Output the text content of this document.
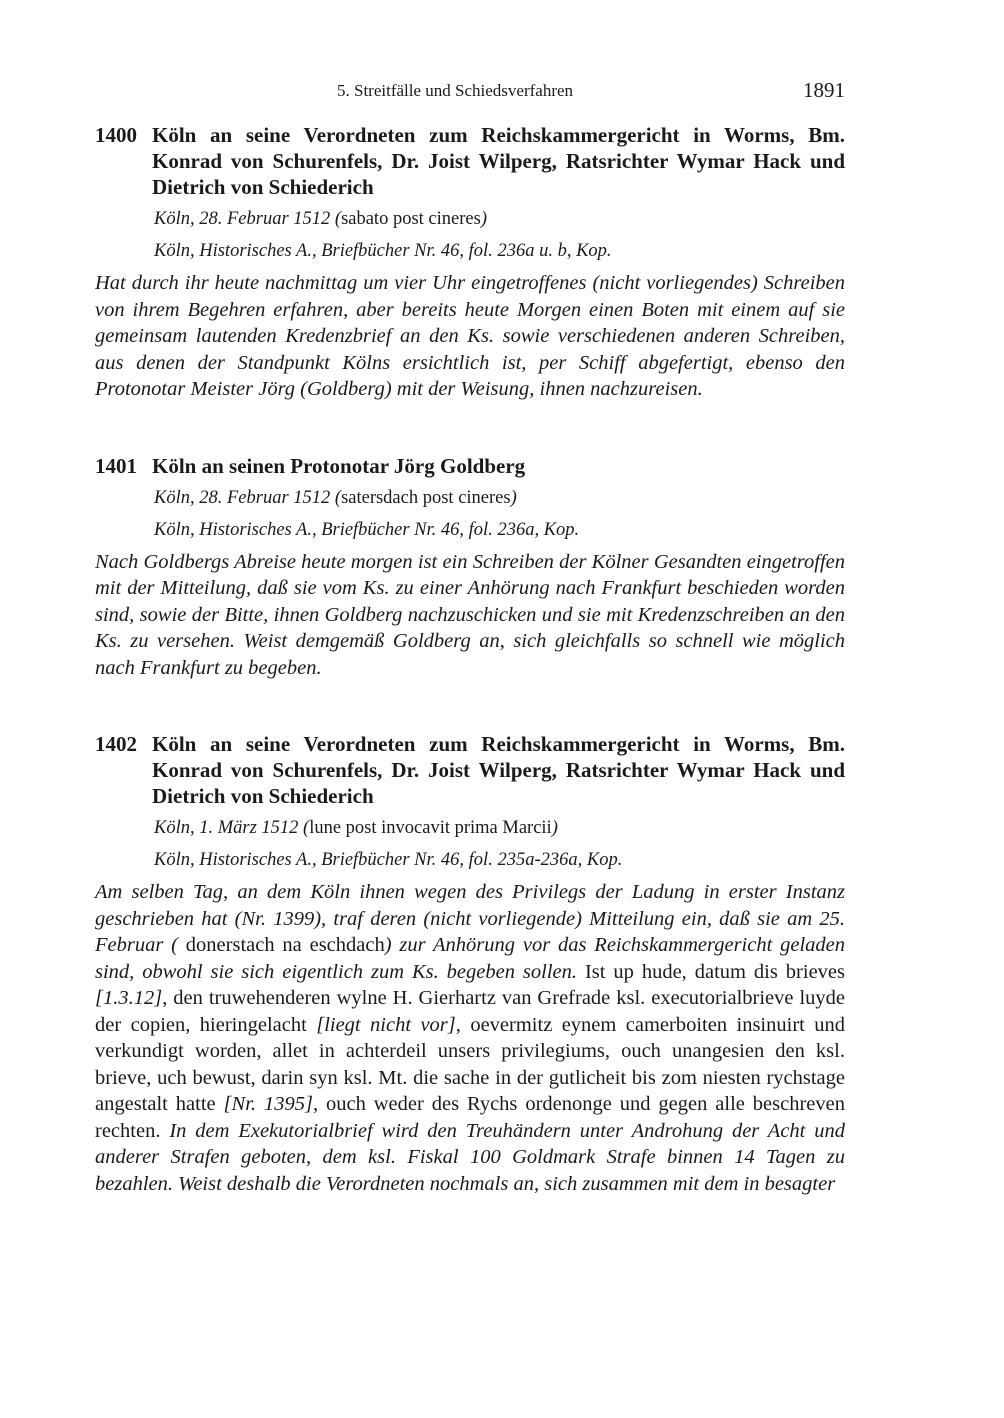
5. Streitfälle und Schiedsverfahren	1891
1400 Köln an seine Verordneten zum Reichskammergericht in Worms, Bm. Konrad von Schurenfels, Dr. Joist Wilperg, Ratsrichter Wymar Hack und Dietrich von Schiederich
Köln, 28. Februar 1512 (sabato post cineres)
Köln, Historisches A., Briefbücher Nr. 46, fol. 236a u. b, Kop.
Hat durch ihr heute nachmittag um vier Uhr eingetroffenes (nicht vorliegendes) Schreiben von ihrem Begehren erfahren, aber bereits heute Morgen einen Boten mit einem auf sie gemeinsam lautenden Kredenzbrief an den Ks. sowie verschiedenen anderen Schreiben, aus denen der Standpunkt Kölns ersichtlich ist, per Schiff abgefertigt, ebenso den Protonotar Meister Jörg (Goldberg) mit der Weisung, ihnen nachzureisen.
1401 Köln an seinen Protonotar Jörg Goldberg
Köln, 28. Februar 1512 (satersdach post cineres)
Köln, Historisches A., Briefbücher Nr. 46, fol. 236a, Kop.
Nach Goldbergs Abreise heute morgen ist ein Schreiben der Kölner Gesandten eingetroffen mit der Mitteilung, daß sie vom Ks. zu einer Anhörung nach Frankfurt beschieden worden sind, sowie der Bitte, ihnen Goldberg nachzuschicken und sie mit Kredenzschreiben an den Ks. zu versehen. Weist demgemäß Goldberg an, sich gleichfalls so schnell wie möglich nach Frankfurt zu begeben.
1402 Köln an seine Verordneten zum Reichskammergericht in Worms, Bm. Konrad von Schurenfels, Dr. Joist Wilperg, Ratsrichter Wymar Hack und Dietrich von Schiederich
Köln, 1. März 1512 (lune post invocavit prima Marcii)
Köln, Historisches A., Briefbücher Nr. 46, fol. 235a-236a, Kop.
Am selben Tag, an dem Köln ihnen wegen des Privilegs der Ladung in erster Instanz geschrieben hat (Nr. 1399), traf deren (nicht vorliegende) Mitteilung ein, daß sie am 25. Februar ( donerstach na eschdach) zur Anhörung vor das Reichskammergericht geladen sind, obwohl sie sich eigentlich zum Ks. begeben sollen. Ist up hude, datum dis brieves [1.3.12], den truwehenderen wylne H. Gierhartz van Grefrade ksl. executorialbrieve luyde der copien, hieringelacht [liegt nicht vor], oevermitz eynem camerboiten insinuirt und verkundigt worden, allet in achterdeil unsers privilegiums, ouch unangesien den ksl. brieve, uch bewust, darin syn ksl. Mt. die sache in der gutlicheit bis zom niesten rychstage angestalt hatte [Nr. 1395], ouch weder des Rychs ordenonge und gegen alle beschreven rechten. In dem Exekutorialbrief wird den Treuhändern unter Androhung der Acht und anderer Strafen geboten, dem ksl. Fiskal 100 Goldmark Strafe binnen 14 Tagen zu bezahlen. Weist deshalb die Verordneten nochmals an, sich zusammen mit dem in besagter
